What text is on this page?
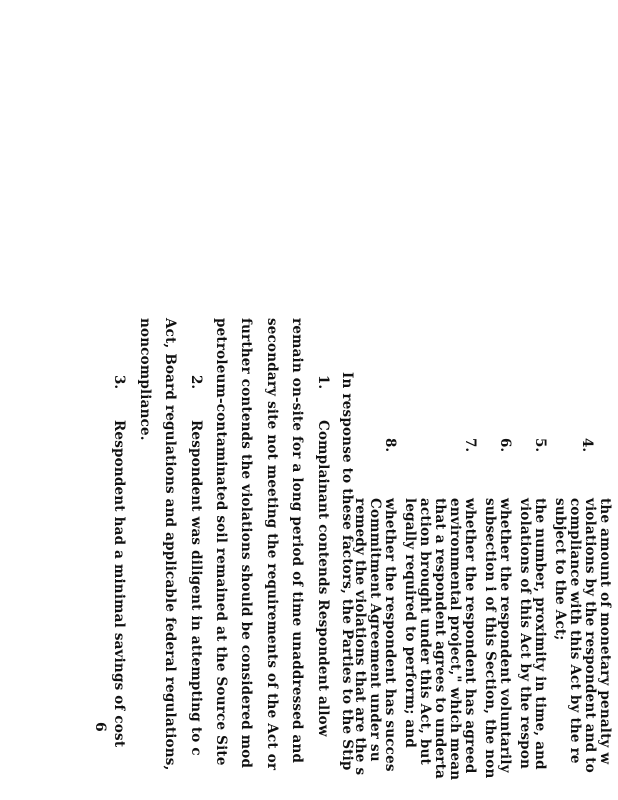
4.
the amount of monetary penalty w
violations by the respondent and to
compliance with this Act by the re
subject to the Act;
5.
the number, proximity in time, and
violations of this Act by the respon
6.
whether the respondent voluntarily
subsection i of this Section, the non
7.
whether the respondent has agreed
environmental project," which mean
that a respondent agrees to underta
action brought under this Act, but
legally required to perform; and
8.
whether the respondent has succes
Commitment Agreement under su
remedy the violations that are the s
In response to these factors, the Parties to the Stip
1.
Complainant contends Respondent allow
remain on-site for a long period of time unaddressed and
secondary site not meeting the requirements of the Act or
further contends the violations should be considered mod
petroleum-contaminated soil remained at the Source Site
2.
Respondent was diligent in attempting to c
Act, Board regulations and applicable federal regulations,
noncompliance.
3.
Respondent had a minimal savings of cost
6
